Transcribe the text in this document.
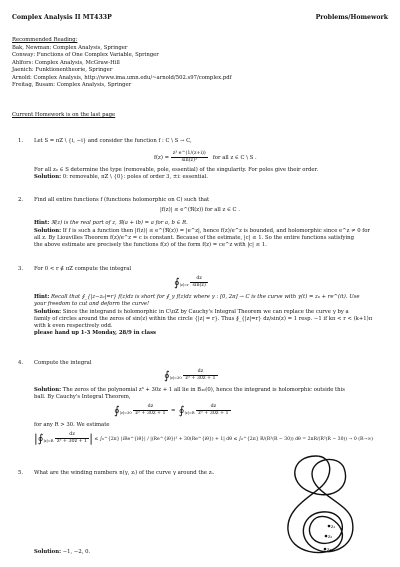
Complex Analysis II MT433P	Problems/Homework
Recommended Reading:
Bak, Newman: Complex Analysis, Springer
Conway: Functions of One Complex Variable, Springer
Ahlfors: Complex Analysis, McGraw-Hill
Jaenich: Funktionentheorie, Springer
Arnold: Complex Analysis, http://www.ima.umn.edu/~arnold/502.s97/complex.pdf
Freitag, Busam: Complex Analysis, Springer
Current Homework is on the last page
1. Let S = πZ \ {i, −i} and consider the function f : C \ S → C,
$f(z) = \frac{\text{z³ e\textasciicircum{}(1/(z+i))}}{\text{sin(z)³}}$ for all z ∈ C \ S .
For all z₀ ∈ S determine the type (removable, pole, essential) of the singularity. For poles give their order.
Solution: 0: removable, πZ \ {0}: poles of order 3, ±i: essential.
2. Find all entire functions f (functions holomorphic on C) such that
|f(z)| ≤ e^(ℜ(z)) for all z ∈ C .
Hint: ℜ(z) is the real part of z, ℜ(a + ib) = a for a, b ∈ R.
Solution: If f is such a function then |f(z)| ≤ e^(ℜ(z)) = |e^z|, hence f(z)/e^z is bounded, and holomorphic since e^z ≠ 0 for
all z. By Liouvilles Theorem f(z)/e^z = c is constant. Because of the estimate, |c| ≤ 1. So the entire functions satisfying
the above estimate are precisely the functions f(z) of the form f(z) = ce^z with |c| ≤ 1.
3. For 0 < r ∉ πZ compute the integral
$∮_{|z|=r} \frac{dz}{\sin(z)}$
Hint: Recall that ∮_{|z−z₀|=r} f(z)dz is short for ∮_γ f(z)dz where γ : [0, 2π] → C is the curve with γ(t) = z₀ + re^(it). Use
your freedom to cut and deform the curve!
Solution: Since the integrand is holomorphic in C\πZ by Cauchy's Integral Theorem we can replace the curve γ by a
family of circles around the zeros of sin(z) within the circle {|z| = r}. Thus ∮_{|z|=r} dz/sin(z) = 1 resp. −1 if kπ < r < (k+1)π
with k even respectively odd.
please hand up 1-3 Monday, 28/9 in class
4. Compute the integral
$∮_{|z|=30} \frac{dz}{\text{z³ + 30z + 1}}$
Solution: The zeros of the polynomial z³ + 30z + 1 all lie in B₃₀(0), hence the integrand is holomorphic outside this
ball. By Cauchy's Integral Theorem,
$∮_{|z|=30} \frac{dz}{\text{z³ + 30z + 1}}$ =  $∮_{|z|=R} \frac{dz}{\text{z³ + 30z + 1}}$
for any R > 30. We estimate
$|∮_{|z|=R} \frac{dz}{\text{z³ + 30z + 1}}$ | ≤ ∫₀^{2π} |iRe^{iθ}| / |(Re^{iθ})³ + 30(Re^{iθ}) + 1| dθ ≤ ∫₀^{2π} R/(R³(R − 30)) dθ = 2πR/(R³(R − 30)) → 0 (R→∞)
5. What are the winding numbers n(γ, zᵢ) of the curve γ around the zᵢ.
Solution: −1, −2, 0.
z₁
z₂
z₃
